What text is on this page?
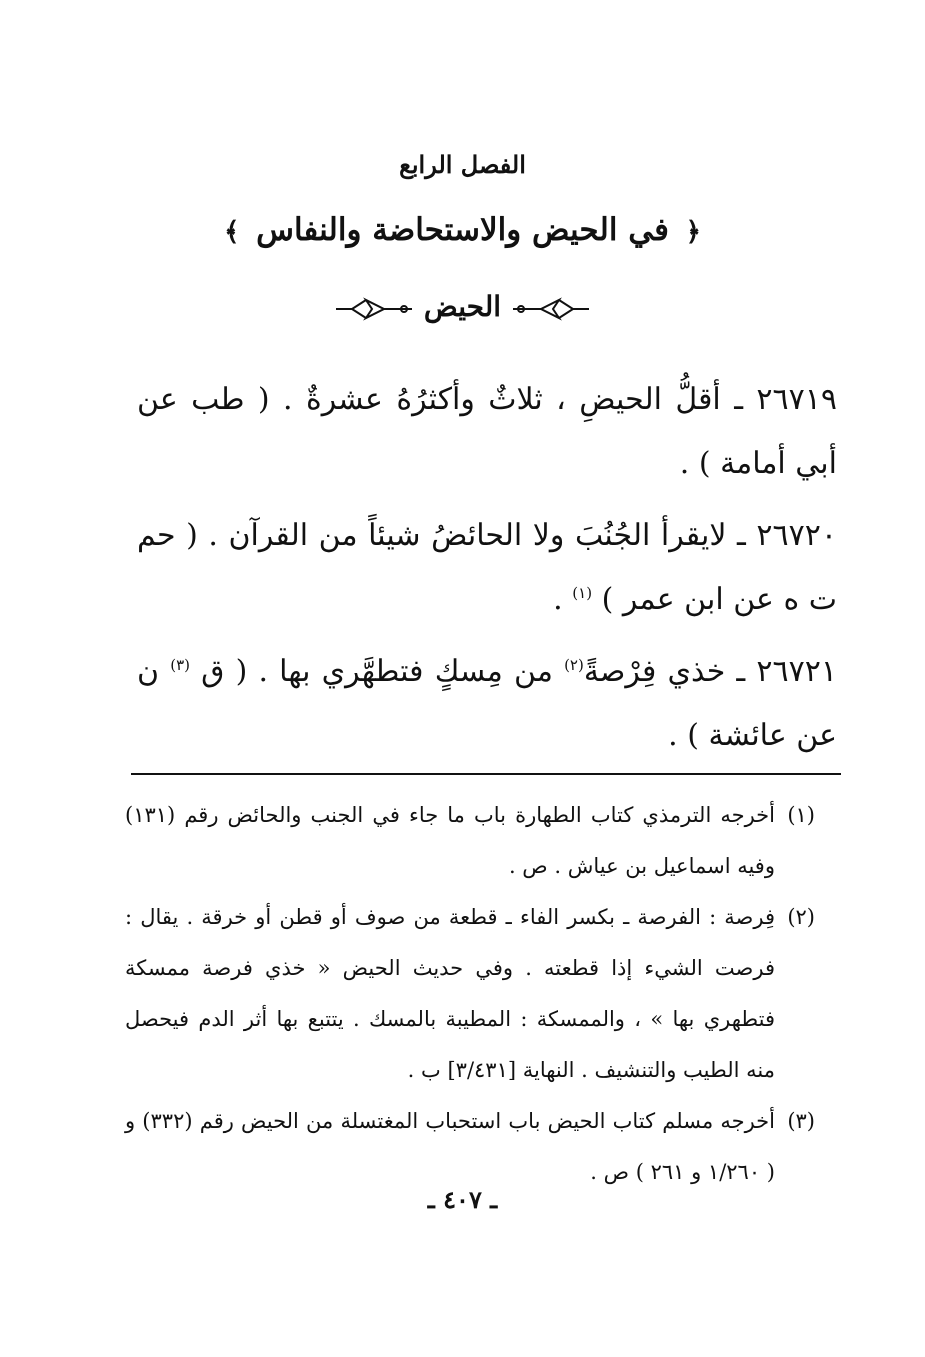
الفصل الرابع
﴿ في الحيض والاستحاضة والنفاس ﴾
الحيض
٢٦٧١٩ ـ أقلُّ الحيضِ ، ثلاثٌ وأكثرُهُ عشرةٌ . ( طب عن أبي أمامة ) .
٢٦٧٢٠ ـ لايقرأ الجُنُبَ ولا الحائضُ شيئاً من القرآن . ( حم ت ه عن ابن عمر ) $^{(١)}$ .
٢٦٧٢١ ـ خذي فِرْصةً$^{(٢)}$ من مِسكٍ فتطهَّري بها . ( ق $^{(٣)}$ ن عن عائشة ) .
(١)
أخرجه الترمذي كتاب الطهارة باب ما جاء في الجنب والحائض رقم (١٣١) وفيه اسماعيل بن عياش . ص .
(٢)
فِرصة : الفرصة ـ بكسر الفاء ـ قطعة من صوف أو قطن أو خرقة . يقال : فرصت الشيء إذا قطعته . وفي حديث الحيض « خذي فرصة ممسكة فتطهري بها » ، والممسكة : المطيبة بالمسك . يتتبع بها أثر الدم فيحصل منه الطيب والتنشيف . النهاية [٣/٤٣١] ب .
(٣)
أخرجه مسلم كتاب الحيض باب استحباب المغتسلة من الحيض رقم (٣٣٢) و ( ١/٢٦٠ و ٢٦١ ) ص .
ـ ٤٠٧ ـ
